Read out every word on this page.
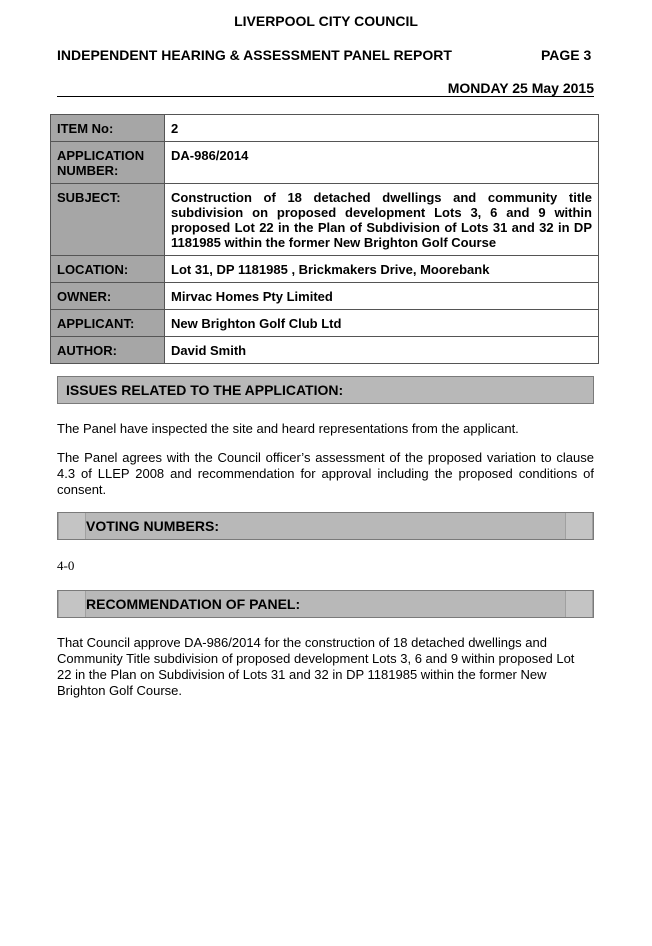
LIVERPOOL CITY COUNCIL
INDEPENDENT HEARING & ASSESSMENT PANEL REPORT	PAGE 3
MONDAY 25 May 2015
ITEM No:	2
APPLICATION NUMBER:	DA-986/2014
SUBJECT:	Construction of 18 detached dwellings and community title subdivision on proposed development Lots 3, 6 and 9 within proposed Lot 22 in the Plan of Subdivision of Lots 31 and 32 in DP 1181985 within the former New Brighton Golf Course
LOCATION:	Lot 31, DP 1181985 , Brickmakers Drive, Moorebank
OWNER:	Mirvac Homes Pty Limited
APPLICANT:	New Brighton Golf Club Ltd
AUTHOR:	David Smith
ISSUES RELATED TO THE APPLICATION:
The Panel have inspected the site and heard representations from the applicant.
The Panel agrees with the Council officer’s assessment of the proposed variation to clause 4.3 of LLEP 2008 and recommendation for approval including the proposed conditions of consent.
VOTING NUMBERS:
4-0
RECOMMENDATION OF PANEL:
That Council approve DA-986/2014 for the construction of 18 detached dwellings and
Community Title subdivision of proposed development Lots 3, 6 and 9 within proposed Lot
22 in the Plan on Subdivision of Lots 31 and 32 in DP 1181985 within the former New
Brighton Golf Course.
